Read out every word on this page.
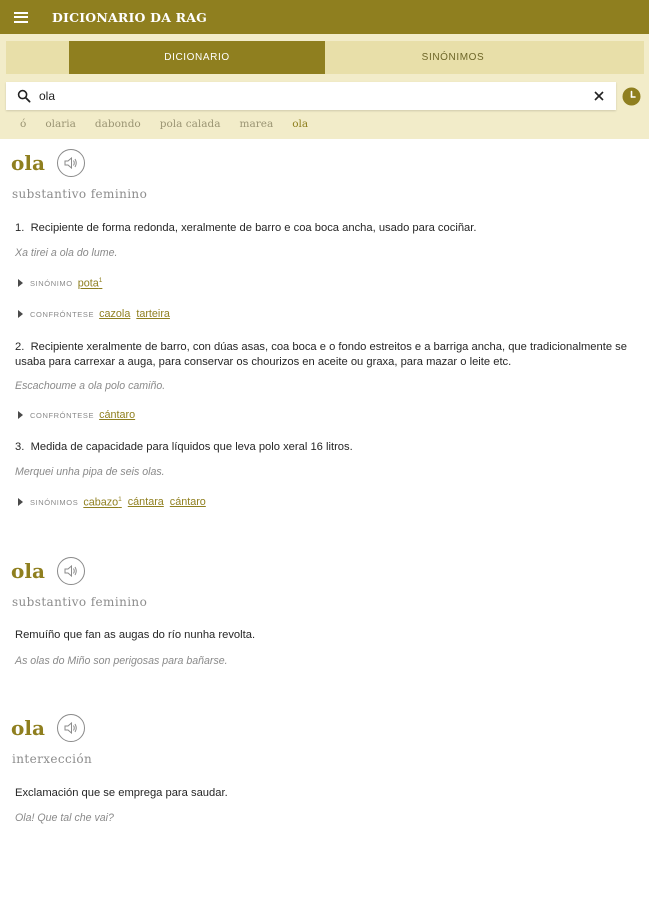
DICIONARIO DA RAG
DICIONARIO	SINÓNIMOS
ola
ó olaria dabondo pola calada marea ola
ola
substantivo feminino
1. Recipiente de forma redonda, xeralmente de barro e coa boca ancha, usado para cociñar.
Xa tirei a ola do lume.
SINÓNIMO pota$^1$
CONFRÓNTESE cazola tarteira
2. Recipiente xeralmente de barro, con dúas asas, coa boca e o fondo estreitos e a barriga ancha, que tradicionalmente se usaba para carrexar a auga, para conservar os chourizos en aceite ou graxa, para mazar o leite etc.
Escachoume a ola polo camiño.
CONFRÓNTESE cántaro
3. Medida de capacidade para líquidos que leva polo xeral 16 litros.
Merquei unha pipa de seis olas.
SINÓNIMOS cabazo$^1$ cántara cántaro
ola
substantivo feminino
Remuíño que fan as augas do río nunha revolta.
As olas do Miño son perigosas para bañarse.
ola
interxección
Exclamación que se emprega para saudar.
Ola! Que tal che vai?
